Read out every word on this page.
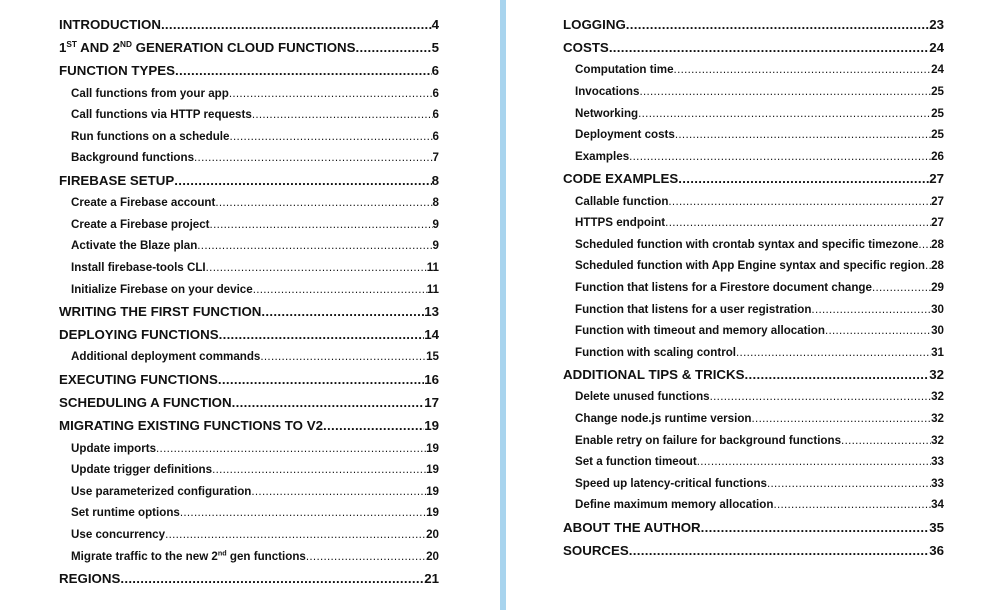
INTRODUCTION .....	4
1ST AND 2ND GENERATION CLOUD FUNCTIONS .....	5
FUNCTION TYPES .....	6
Call functions from your app .....	6
Call functions via HTTP requests .....	6
Run functions on a schedule .....	6
Background functions .....	7
FIREBASE SETUP .....	8
Create a Firebase account .....	8
Create a Firebase project .....	9
Activate the Blaze plan .....	9
Install firebase-tools CLI .....	11
Initialize Firebase on your device .....	11
WRITING THE FIRST FUNCTION .....	13
DEPLOYING FUNCTIONS .....	14
Additional deployment commands .....	15
EXECUTING FUNCTIONS .....	16
SCHEDULING A FUNCTION .....	17
MIGRATING EXISTING FUNCTIONS TO V2 .....	19
Update imports .....	19
Update trigger definitions .....	19
Use parameterized configuration .....	19
Set runtime options .....	19
Use concurrency .....	20
Migrate traffic to the new 2nd gen functions .....	20
REGIONS .....	21
LOGGING .....	23
COSTS .....	24
Computation time .....	24
Invocations .....	25
Networking .....	25
Deployment costs .....	25
Examples .....	26
CODE EXAMPLES .....	27
Callable function .....	27
HTTPS endpoint .....	27
Scheduled function with crontab syntax and specific timezone ..... 28
Scheduled function with App Engine syntax and specific region ..... 28
Function that listens for a Firestore document change .....	29
Function that listens for a user registration .....	30
Function with timeout and memory allocation .....	30
Function with scaling control .....	31
ADDITIONAL TIPS & TRICKS .....	32
Delete unused functions .....	32
Change node.js runtime version .....	32
Enable retry on failure for background functions .....	32
Set a function timeout .....	33
Speed up latency-critical functions .....	33
Define maximum memory allocation .....	34
ABOUT THE AUTHOR .....	35
SOURCES .....	36
